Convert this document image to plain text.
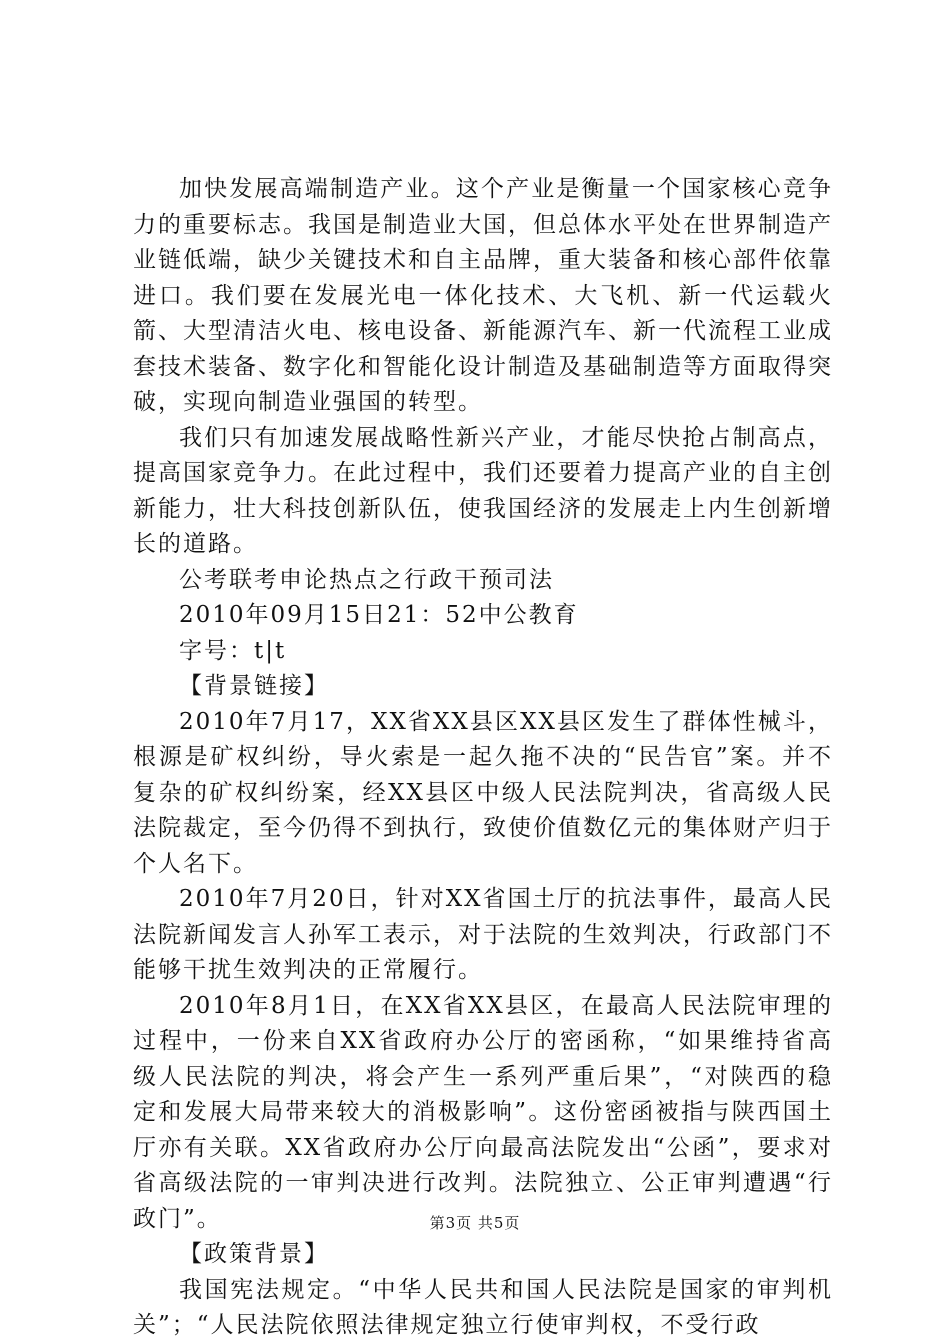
加快发展高端制造产业。这个产业是衡量一个国家核心竞争力的重要标志。我国是制造业大国，但总体水平处在世界制造产业链低端，缺少关键技术和自主品牌，重大装备和核心部件依靠进口。我们要在发展光电一体化技术、大飞机、新一代运载火箭、大型清洁火电、核电设备、新能源汽车、新一代流程工业成套技术装备、数字化和智能化设计制造及基础制造等方面取得突破，实现向制造业强国的转型。

我们只有加速发展战略性新兴产业，才能尽快抢占制高点，提高国家竞争力。在此过程中，我们还要着力提高产业的自主创新能力，壮大科技创新队伍，使我国经济的发展走上内生创新增长的道路。

公考联考申论热点之行政干预司法

2010年09月15日21：52中公教育

字号：t|t

【背景链接】

2010年7月17，XX省XX县区XX县区发生了群体性械斗，根源是矿权纠纷，导火索是一起久拖不决的“民告官”案。并不复杂的矿权纠纷案，经XX县区中级人民法院判决，省高级人民法院裁定，至今仍得不到执行，致使价值数亿元的集体财产归于个人名下。

2010年7月20日，针对XX省国土厅的抗法事件，最高人民法院新闻发言人孙军工表示，对于法院的生效判决，行政部门不能够干扰生效判决的正常履行。

2010年8月1日，在XX省XX县区，在最高人民法院审理的过程中，一份来自XX省政府办公厅的密函称，“如果维持省高级人民法院的判决，将会产生一系列严重后果”，“对陕西的稳定和发展大局带来较大的消极影响”。这份密函被指与陕西国土厅亦有关联。XX省政府办公厅向最高法院发出“公函”，要求对省高级法院的一审判决进行改判。法院独立、公正审判遭遇“行政门”。

【政策背景】

我国宪法规定。“中华人民共和国人民法院是国家的审判机关”；“人民法院依照法律规定独立行使审判权，不受行政

第3页 共5页
